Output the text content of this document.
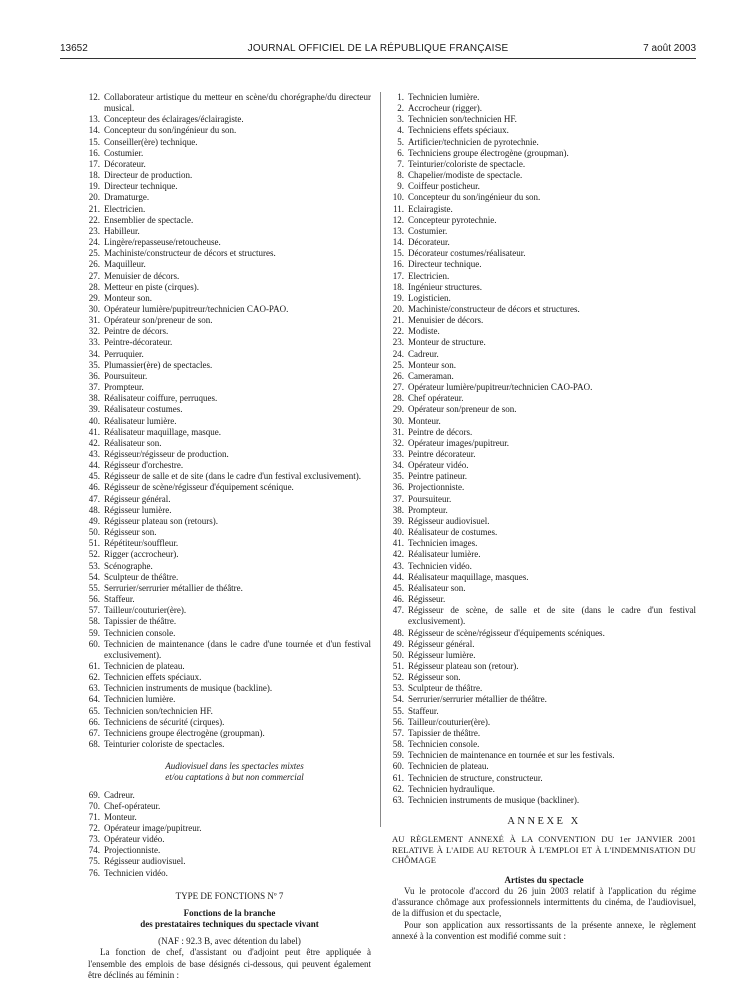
13652	JOURNAL OFFICIEL DE LA RÉPUBLIQUE FRANÇAISE	7 août 2003
12. Collaborateur artistique du metteur en scène/du chorégraphe/du directeur musical.
13. Concepteur des éclairages/éclairagiste.
14. Concepteur du son/ingénieur du son.
15. Conseiller(ère) technique.
16. Costumier.
17. Décorateur.
18. Directeur de production.
19. Directeur technique.
20. Dramaturge.
21. Electricien.
22. Ensemblier de spectacle.
23. Habilleur.
24. Lingère/repasseuse/retoucheuse.
25. Machiniste/constructeur de décors et structures.
26. Maquilleur.
27. Menuisier de décors.
28. Metteur en piste (cirques).
29. Monteur son.
30. Opérateur lumière/pupitreur/technicien CAO-PAO.
31. Opérateur son/preneur de son.
32. Peintre de décors.
33. Peintre-décorateur.
34. Perruquier.
35. Plumassier(ère) de spectacles.
36. Poursuiteur.
37. Prompteur.
38. Réalisateur coiffure, perruques.
39. Réalisateur costumes.
40. Réalisateur lumière.
41. Réalisateur maquillage, masque.
42. Réalisateur son.
43. Régisseur/régisseur de production.
44. Régisseur d'orchestre.
45. Régisseur de salle et de site (dans le cadre d'un festival exclusivement).
46. Régisseur de scène/régisseur d'équipement scénique.
47. Régisseur général.
48. Régisseur lumière.
49. Régisseur plateau son (retours).
50. Régisseur son.
51. Répétiteur/souffleur.
52. Rigger (accrocheur).
53. Scénographe.
54. Sculpteur de théâtre.
55. Serrurier/serrurier métallier de théâtre.
56. Staffeur.
57. Tailleur/couturier(ère).
58. Tapissier de théâtre.
59. Technicien console.
60. Technicien de maintenance (dans le cadre d'une tournée et d'un festival exclusivement).
61. Technicien de plateau.
62. Technicien effets spéciaux.
63. Technicien instruments de musique (backline).
64. Technicien lumière.
65. Technicien son/technicien HF.
66. Techniciens de sécurité (cirques).
67. Techniciens groupe électrogène (groupman).
68. Teinturier coloriste de spectacles.
Audiovisuel dans les spectacles mixtes
et/ou captations à but non commercial
69. Cadreur.
70. Chef-opérateur.
71. Monteur.
72. Opérateur image/pupitreur.
73. Opérateur vidéo.
74. Projectionniste.
75. Régisseur audiovisuel.
76. Technicien vidéo.
TYPE DE FONCTIONS Nº 7
Fonctions de la branche
des prestataires techniques du spectacle vivant
(NAF : 92.3 B, avec détention du label)
La fonction de chef, d'assistant ou d'adjoint peut être appliquée à l'ensemble des emplois de base désignés ci-dessous, qui peuvent également être déclinés au féminin :
1. Technicien lumière.
2. Accrocheur (rigger).
3. Technicien son/technicien HF.
4. Techniciens effets spéciaux.
5. Artificier/technicien de pyrotechnie.
6. Techniciens groupe électrogène (groupman).
7. Teinturier/coloriste de spectacle.
8. Chapelier/modiste de spectacle.
9. Coiffeur posticheur.
10. Concepteur du son/ingénieur du son.
11. Eclairagiste.
12. Concepteur pyrotechnie.
13. Costumier.
14. Décorateur.
15. Décorateur costumes/réalisateur.
16. Directeur technique.
17. Electricien.
18. Ingénieur structures.
19. Logisticien.
20. Machiniste/constructeur de décors et structures.
21. Menuisier de décors.
22. Modiste.
23. Monteur de structure.
24. Cadreur.
25. Monteur son.
26. Cameraman.
27. Opérateur lumière/pupitreur/technicien CAO-PAO.
28. Chef opérateur.
29. Opérateur son/preneur de son.
30. Monteur.
31. Peintre de décors.
32. Opérateur images/pupitreur.
33. Peintre décorateur.
34. Opérateur vidéo.
35. Peintre patineur.
36. Projectionniste.
37. Poursuiteur.
38. Prompteur.
39. Régisseur audiovisuel.
40. Réalisateur de costumes.
41. Technicien images.
42. Réalisateur lumière.
43. Technicien vidéo.
44. Réalisateur maquillage, masques.
45. Réalisateur son.
46. Régisseur.
47. Régisseur de scène, de salle et de site (dans le cadre d'un festival exclusivement).
48. Régisseur de scène/régisseur d'équipements scéniques.
49. Régisseur général.
50. Régisseur lumière.
51. Régisseur plateau son (retour).
52. Régisseur son.
53. Sculpteur de théâtre.
54. Serrurier/serrurier métallier de théâtre.
55. Staffeur.
56. Tailleur/couturier(ère).
57. Tapissier de théâtre.
58. Technicien console.
59. Technicien de maintenance en tournée et sur les festivals.
60. Technicien de plateau.
61. Technicien de structure, constructeur.
62. Technicien hydraulique.
63. Technicien instruments de musique (backliner).
ANNEXE X
AU RÈGLEMENT ANNEXÉ À LA CONVENTION DU 1er JANVIER 2001 RELATIVE À L'AIDE AU RETOUR À L'EMPLOI ET À L'INDEMNISATION DU CHÔMAGE
Artistes du spectacle
Vu le protocole d'accord du 26 juin 2003 relatif à l'application du régime d'assurance chômage aux professionnels intermittents du cinéma, de l'audiovisuel, de la diffusion et du spectacle,
Pour son application aux ressortissants de la présente annexe, le règlement annexé à la convention est modifié comme suit :
